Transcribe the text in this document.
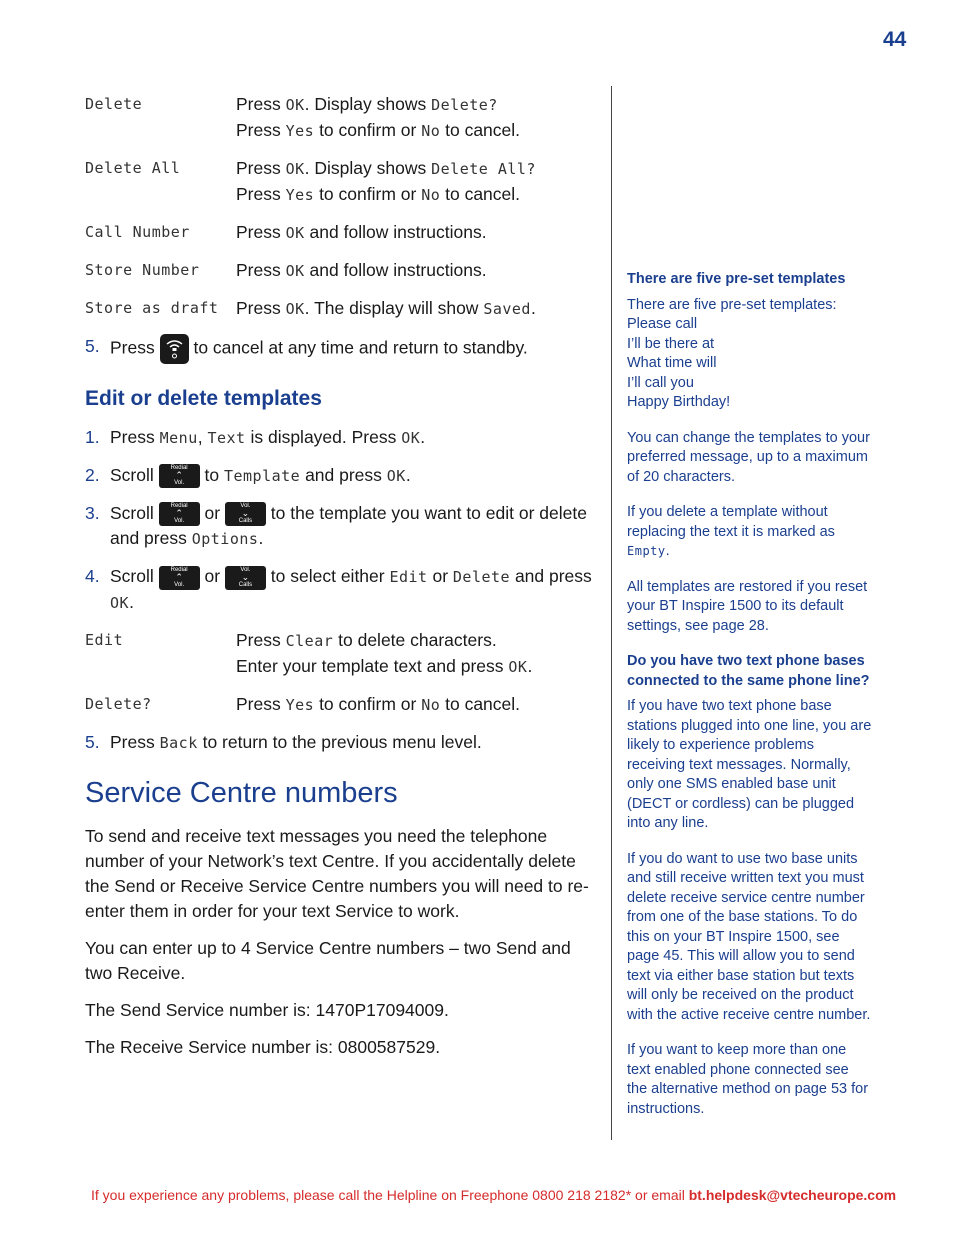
44
Delete	Press OK. Display shows Delete?
Press Yes to confirm or No to cancel.
Delete All	Press OK. Display shows Delete All?
Press Yes to confirm or No to cancel.
Call Number	Press OK and follow instructions.
Store Number	Press OK and follow instructions.
Store as draft	Press OK. The display will show Saved.
5. Press
to cancel at any time and return to standby.
Edit or delete templates
1. Press Menu, Text is displayed. Press OK.
2. Scroll	Redial
⌃
Vol. to Template and press OK.
3. Scroll	Redial
⌃
Vol. or	Vol.
⌄
Calls to the template you want to edit or delete and press Options.
4. Scroll	Redial
⌃
Vol. or	Vol.
⌄
Calls to select either Edit or Delete and press OK.
Edit	Press Clear to delete characters.
Enter your template text and press OK.
Delete?	Press Yes to confirm or No to cancel.
5. Press Back to return to the previous menu level.
Service Centre numbers

To send and receive text messages you need the telephone number of your Network’s text Centre. If you accidentally delete the Send or Receive Service Centre numbers you will need to re-enter them in order for your text Service to work.

You can enter up to 4 Service Centre numbers – two Send and two Receive.

The Send Service number is: 1470P17094009.

The Receive Service number is: 0800587529.

There are five pre-set templates

There are five pre-set templates:
Please call
I’ll be there at
What time will
I’ll call you
Happy Birthday!

You can change the templates to your preferred message, up to a maximum of 20 characters.

If you delete a template without replacing the text it is marked as Empty.

All templates are restored if you reset your BT Inspire 1500 to its default settings, see page 28.

Do you have two text phone bases connected to the same phone line?

If you have two text phone base stations plugged into one line, you are likely to experience problems receiving text messages. Normally, only one SMS enabled base unit (DECT or cordless) can be plugged into any line.

If you do want to use two base units and still receive written text you must delete receive service centre number from one of the base stations. To do this on your BT Inspire 1500, see page 45. This will allow you to send text via either base station but texts will only be received on the product with the active receive centre number.

If you want to keep more than one text enabled phone connected see the alternative method on page 53 for instructions.

If you experience any problems, please call the Helpline on Freephone 0800 218 2182* or email bt.helpdesk@vtecheurope.com
